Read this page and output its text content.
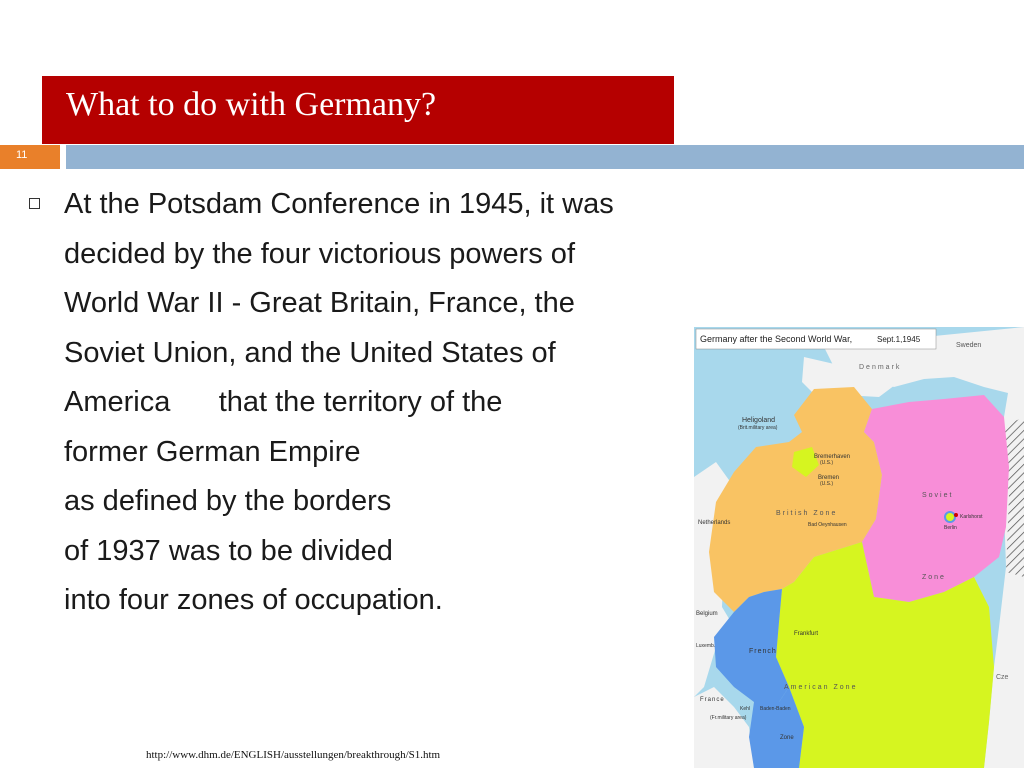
What to do with Germany?
11
At the Potsdam Conference in 1945, it was
decided by the four victorious powers of
World War II - Great Britain, France, the
Soviet Union, and the United States of
America      that the territory of the
former German Empire
as defined by the borders
of 1937 was to be divided
into four zones of occupation.
Germany after the Second World War,	Sept.1,1945
Sweden
Denmark
Heligoland
(Brit.military area)
Bremerhaven
(U.S.)
Bremen
(U.S.)
British Zone
Bad Oeynhausen
Netherlands
Soviet
Zone
Karlshorst
Berlin
Belgium
Luxemb.
Frankfurt
French
American Zone
France
Kehl
(Fr.military area)
Baden-Baden
Zone
Cze
http://www.dhm.de/ENGLISH/ausstellungen/breakthrough/S1.htm
